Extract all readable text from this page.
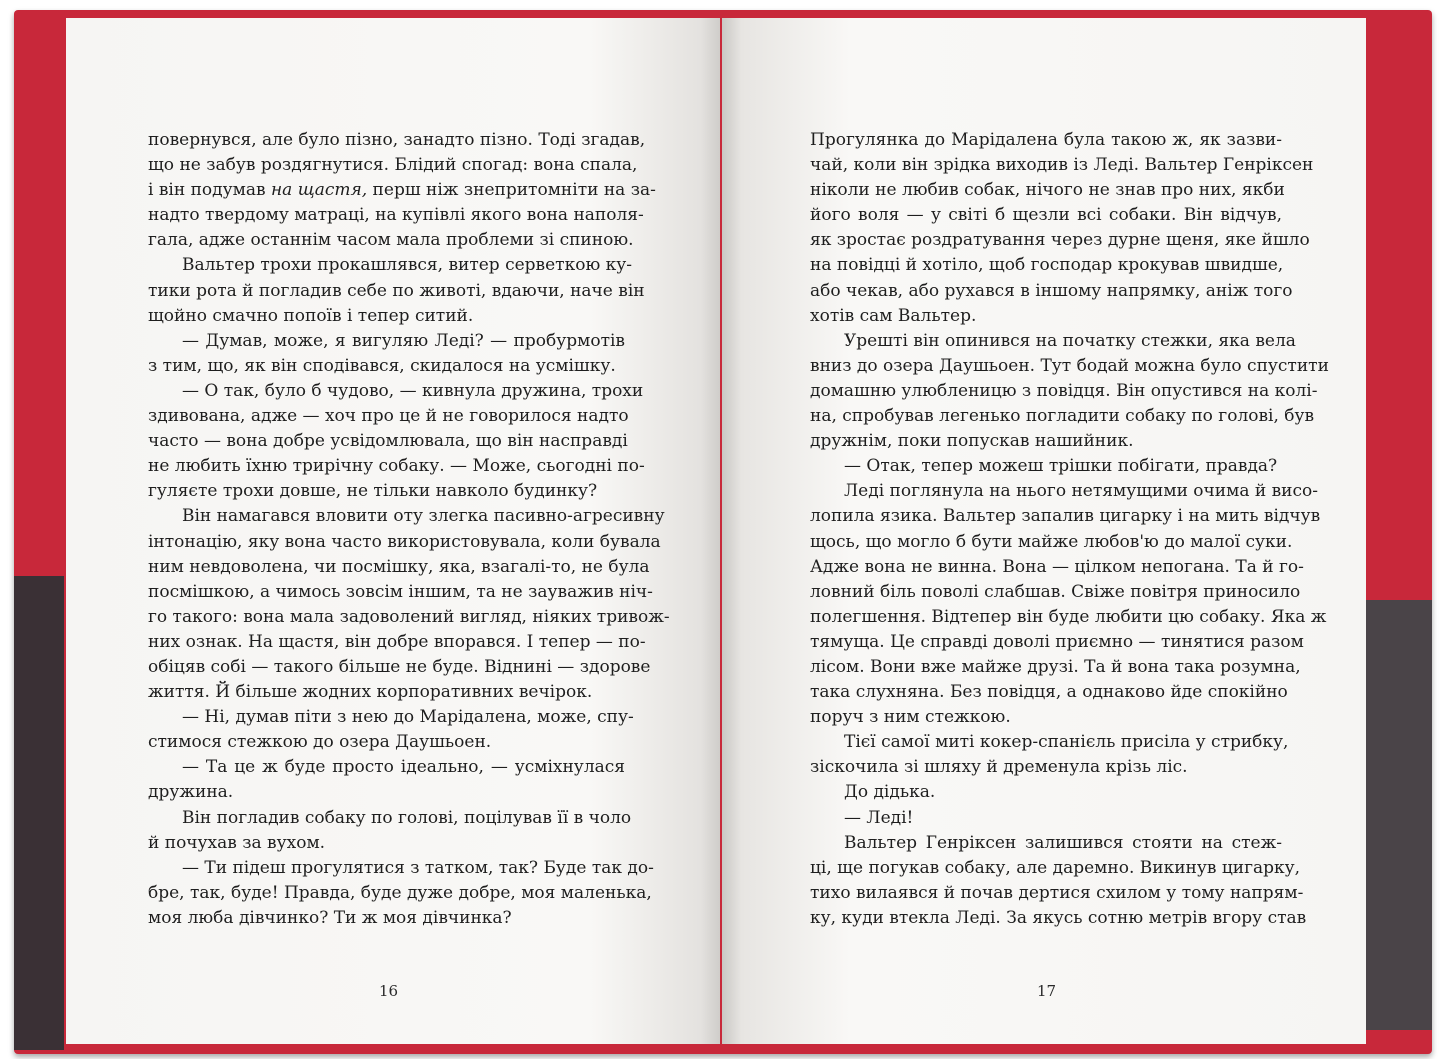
повернувся, але було пізно, занадто пізно. Тоді згадав,
що не забув роздягнутися. Блідий спогад: вона спала,
і він подумав на щастя, перш ніж знепритомніти на за-
надто твердому матраці, на купівлі якого вона наполя-
гала, адже останнім часом мала проблеми зі спиною.
Вальтер трохи прокашлявся, витер серветкою ку-
тики рота й погладив себе по животі, вдаючи, наче він
щойно смачно попоїв і тепер ситий.
— Думав, може, я вигуляю Леді? — пробурмотів
з тим, що, як він сподівався, скидалося на усмішку.
— О так, було б чудово, — кивнула дружина, трохи
здивована, адже — хоч про це й не говорилося надто
часто — вона добре усвідомлювала, що він насправді
не любить їхню трирічну собаку. — Може, сьогодні по-
гуляєте трохи довше, не тільки навколо будинку?
Він намагався вловити оту злегка пасивно-агресивну
інтонацію, яку вона часто використовувала, коли бувала
ним невдоволена, чи посмішку, яка, взагалі-то, не була
посмішкою, а чимось зовсім іншим, та не зауважив ніч-
го такого: вона мала задоволений вигляд, ніяких тривож-
них ознак. На щастя, він добре впорався. І тепер — по-
обіцяв собі — такого більше не буде. Віднині — здорове
життя. Й більше жодних корпоративних вечірок.
— Ні, думав піти з нею до Марідалена, може, спу-
стимося стежкою до озера Даушьоен.
— Та це ж буде просто ідеально, — усміхнулася
дружина.
Він погладив собаку по голові, поцілував її в чоло
й почухав за вухом.
— Ти підеш прогулятися з татком, так? Буде так до-
бре, так, буде! Правда, буде дуже добре, моя маленька,
моя люба дівчинко? Ти ж моя дівчинка?
16
Прогулянка до Марідалена була такою ж, як зазви-
чай, коли він зрідка виходив із Леді. Вальтер Генріксен
ніколи не любив собак, нічого не знав про них, якби
його воля — у світі б щезли всі собаки. Він відчув,
як зростає роздратування через дурне щеня, яке йшло
на повідці й хотіло, щоб господар крокував швидше,
або чекав, або рухався в іншому напрямку, аніж того
хотів сам Вальтер.
Урешті він опинився на початку стежки, яка вела
вниз до озера Даушьоен. Тут бодай можна було спустити
домашню улюбленицю з повідця. Він опустився на колі-
на, спробував легенько погладити собаку по голові, був
дружнім, поки попускав нашийник.
— Отак, тепер можеш трішки побігати, правда?
Леді поглянула на нього нетямущими очима й висо-
лопила язика. Вальтер запалив цигарку і на мить відчув
щось, що могло б бути майже любов'ю до малої суки.
Адже вона не винна. Вона — цілком непогана. Та й го-
ловний біль поволі слабшав. Свіже повітря приносило
полегшення. Відтепер він буде любити цю собаку. Яка ж
тямуща. Це справді доволі приємно — тинятися разом
лісом. Вони вже майже друзі. Та й вона така розумна,
така слухняна. Без повідця, а однаково йде спокійно
поруч з ним стежкою.
Тієї самої миті кокер-спанієль присіла у стрибку,
зіскочила зі шляху й дременула крізь ліс.
До дідька.
— Леді!
Вальтер Генріксен залишився стояти на стеж-
ці, ще погукав собаку, але даремно. Викинув цигарку,
тихо вилаявся й почав дертися схилом у тому напрям-
ку, куди втекла Леді. За якусь сотню метрів вгору став
17
